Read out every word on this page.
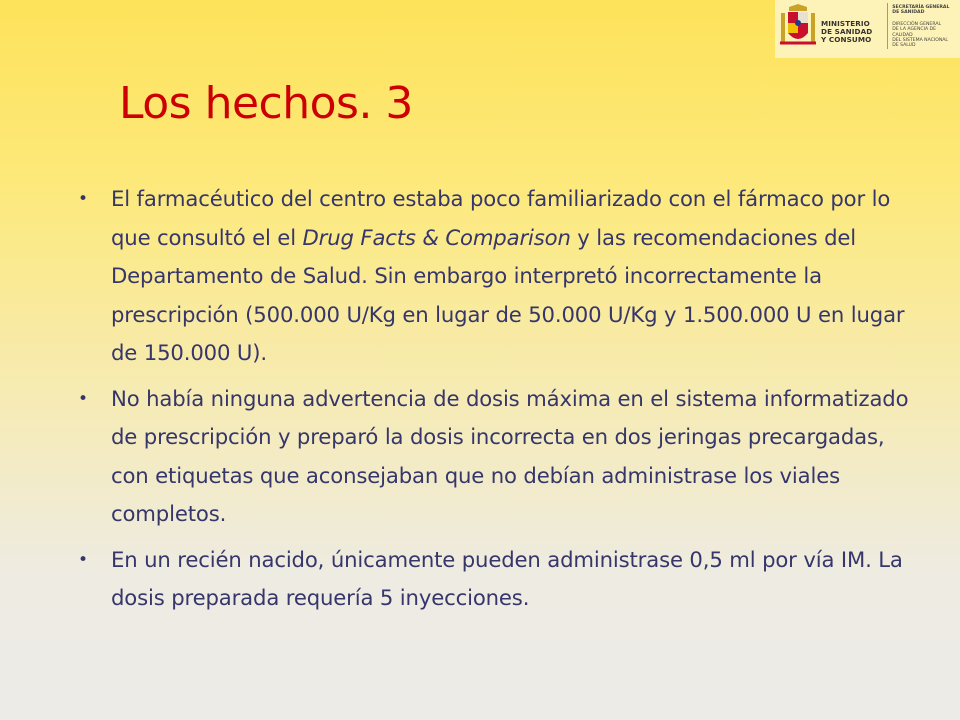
MINISTERIO
DE SANIDAD
Y CONSUMO
SECRETARÍA GENERAL
DE SANIDAD
DIRECCIÓN GENERAL
DE LA AGENCIA DE CALIDAD
DEL SISTEMA NACIONAL
DE SALUD
Los hechos. 3
• El farmacéutico del centro estaba poco familiarizado con el fármaco por lo que consultó el el Drug Facts & Comparison y las recomendaciones del Departamento de Salud. Sin embargo interpretó incorrectamente la prescripción (500.000 U/Kg en lugar de 50.000 U/Kg y 1.500.000 U en lugar de 150.000 U).
• No había ninguna advertencia de dosis máxima en el sistema informatizado de prescripción y preparó la dosis incorrecta en dos jeringas precargadas, con etiquetas que aconsejaban que no debían administrase los viales completos.
• En un recién nacido, únicamente pueden administrase 0,5 ml por vía IM. La dosis preparada requería 5 inyecciones.
